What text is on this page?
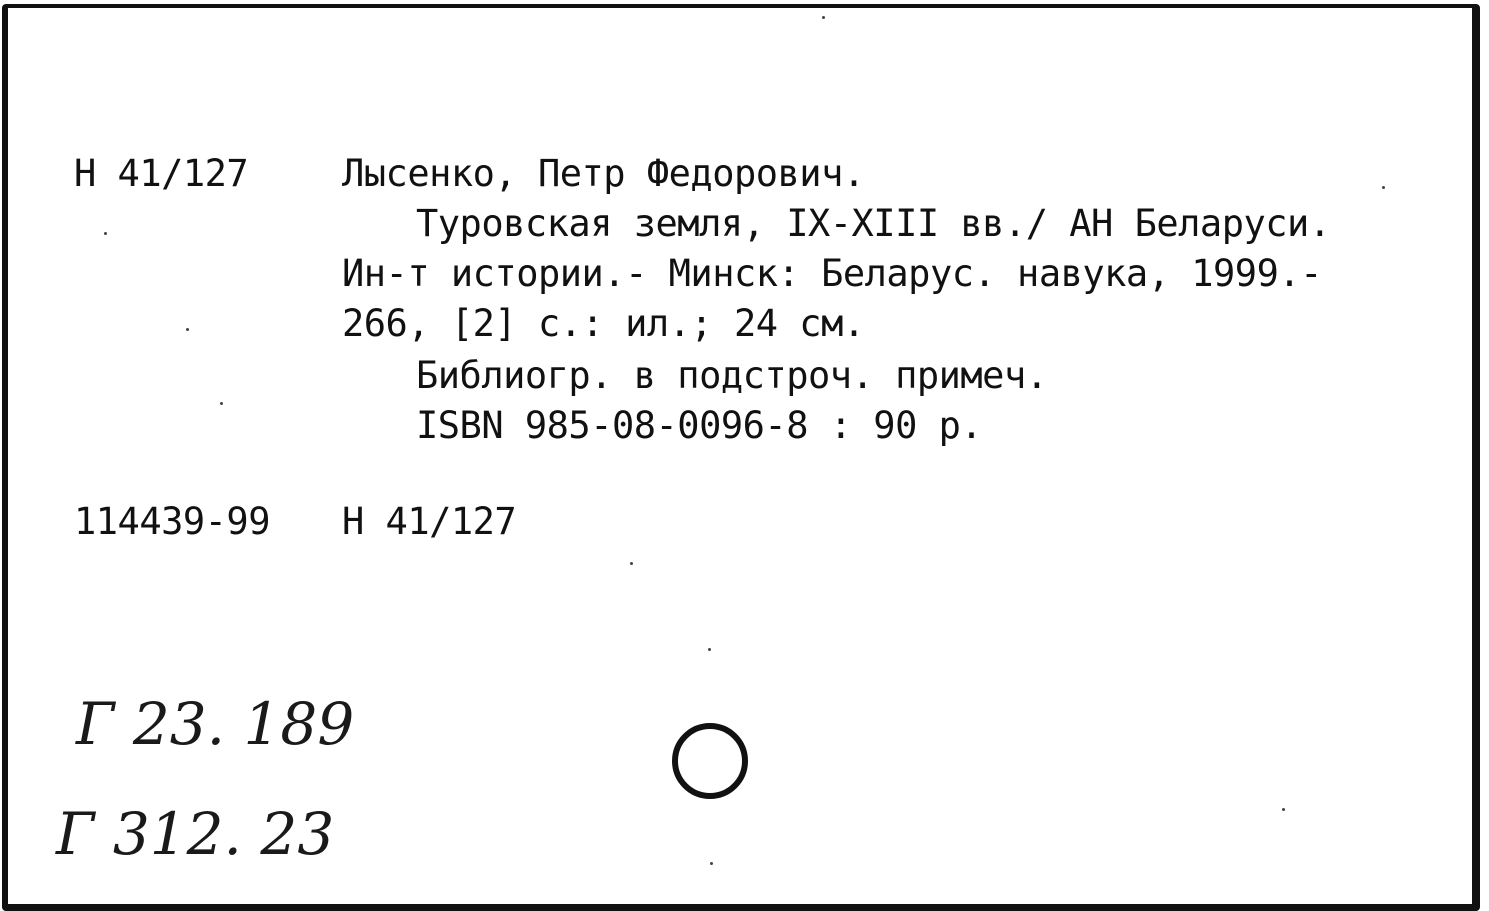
Н 41/127	Лысенко, Петр Федорович.
Туровская земля, IX-XIII вв./ АН Беларуси.
Ин-т истории.- Минск: Беларус. навука, 1999.-
266, [2] с.: ил.; 24 см.
Библиогр. в подстроч. примеч.
ISBN 985-08-0096-8 : 90 р.
114439-99 Н 41/127
Г 23. 189
Г 312. 23
